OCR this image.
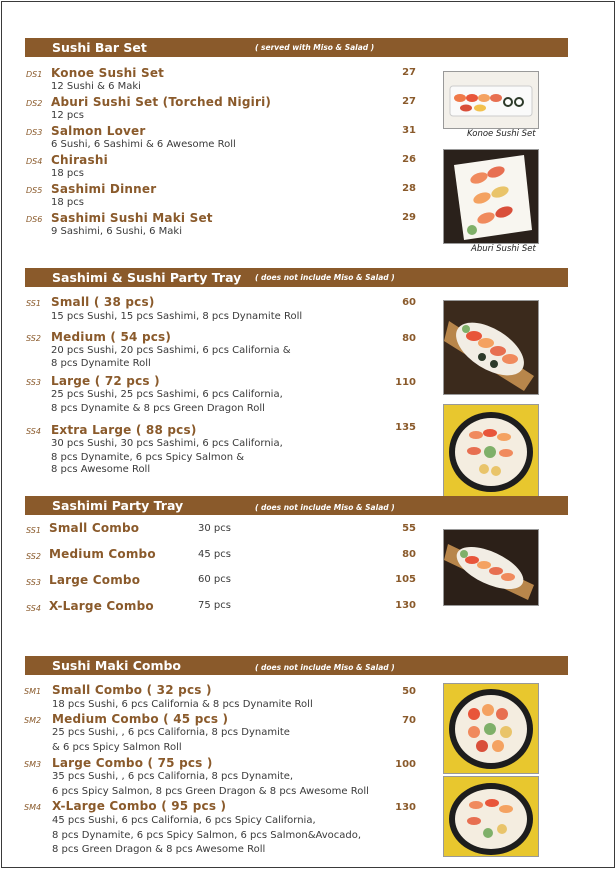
Sushi Bar Set	( served with Miso & Salad )
DS1 Konoe Sushi Set
12 Sushi & 6 Maki
27
DS2 Aburi Sushi Set (Torched Nigiri)
12 pcs
27
DS3 Salmon Lover
6 Sushi, 6 Sashimi & 6 Awesome Roll
31
DS4 Chirashi
18 pcs
26
DS5 Sashimi Dinner
18 pcs
28
DS6 Sashimi Sushi Maki Set
9 Sashimi, 6 Sushi, 6 Maki
29
Konoe Sushi Set
Aburi Sushi Set
Sashimi & Sushi Party Tray ( does not include Miso & Salad )
SS1 Small ( 38 pcs)
15 pcs Sushi, 15 pcs Sashimi, 8 pcs Dynamite Roll
60
SS2 Medium ( 54 pcs)
20 pcs Sushi, 20 pcs Sashimi, 6 pcs California &
8 pcs Dynamite Roll
80
SS3 Large ( 72 pcs )
25 pcs Sushi, 25 pcs Sashimi, 6 pcs California,
8 pcs Dynamite & 8 pcs Green Dragon Roll
110
SS4 Extra Large ( 88 pcs)
30 pcs Sushi, 30 pcs Sashimi, 6 pcs California,
8 pcs Dynamite, 6 pcs Spicy Salmon &
8 pcs Awesome Roll
135
Sashimi Party Tray	( does not include Miso & Salad )
SS1 Small Combo	30 pcs	55
SS2 Medium Combo	45 pcs	80
SS3 Large Combo	60 pcs	105
SS4 X-Large Combo	75 pcs	130
Sushi Maki Combo	( does not include Miso & Salad )
SM1 Small Combo ( 32 pcs )
18 pcs Sushi, 6 pcs California & 8 pcs Dynamite Roll
50
SM2 Medium Combo ( 45 pcs )
25 pcs Sushi, , 6 pcs California, 8 pcs Dynamite
& 6 pcs Spicy Salmon Roll
70
SM3 Large Combo ( 75 pcs )
35 pcs Sushi, , 6 pcs California, 8 pcs Dynamite,
6 pcs Spicy Salmon, 8 pcs Green Dragon & 8 pcs Awesome Roll
100
SM4 X-Large Combo ( 95 pcs )
45 pcs Sushi, 6 pcs California, 6 pcs Spicy California,
8 pcs Dynamite, 6 pcs Spicy Salmon, 6 pcs Salmon&Avocado,
8 pcs Green Dragon & 8 pcs Awesome Roll
130
